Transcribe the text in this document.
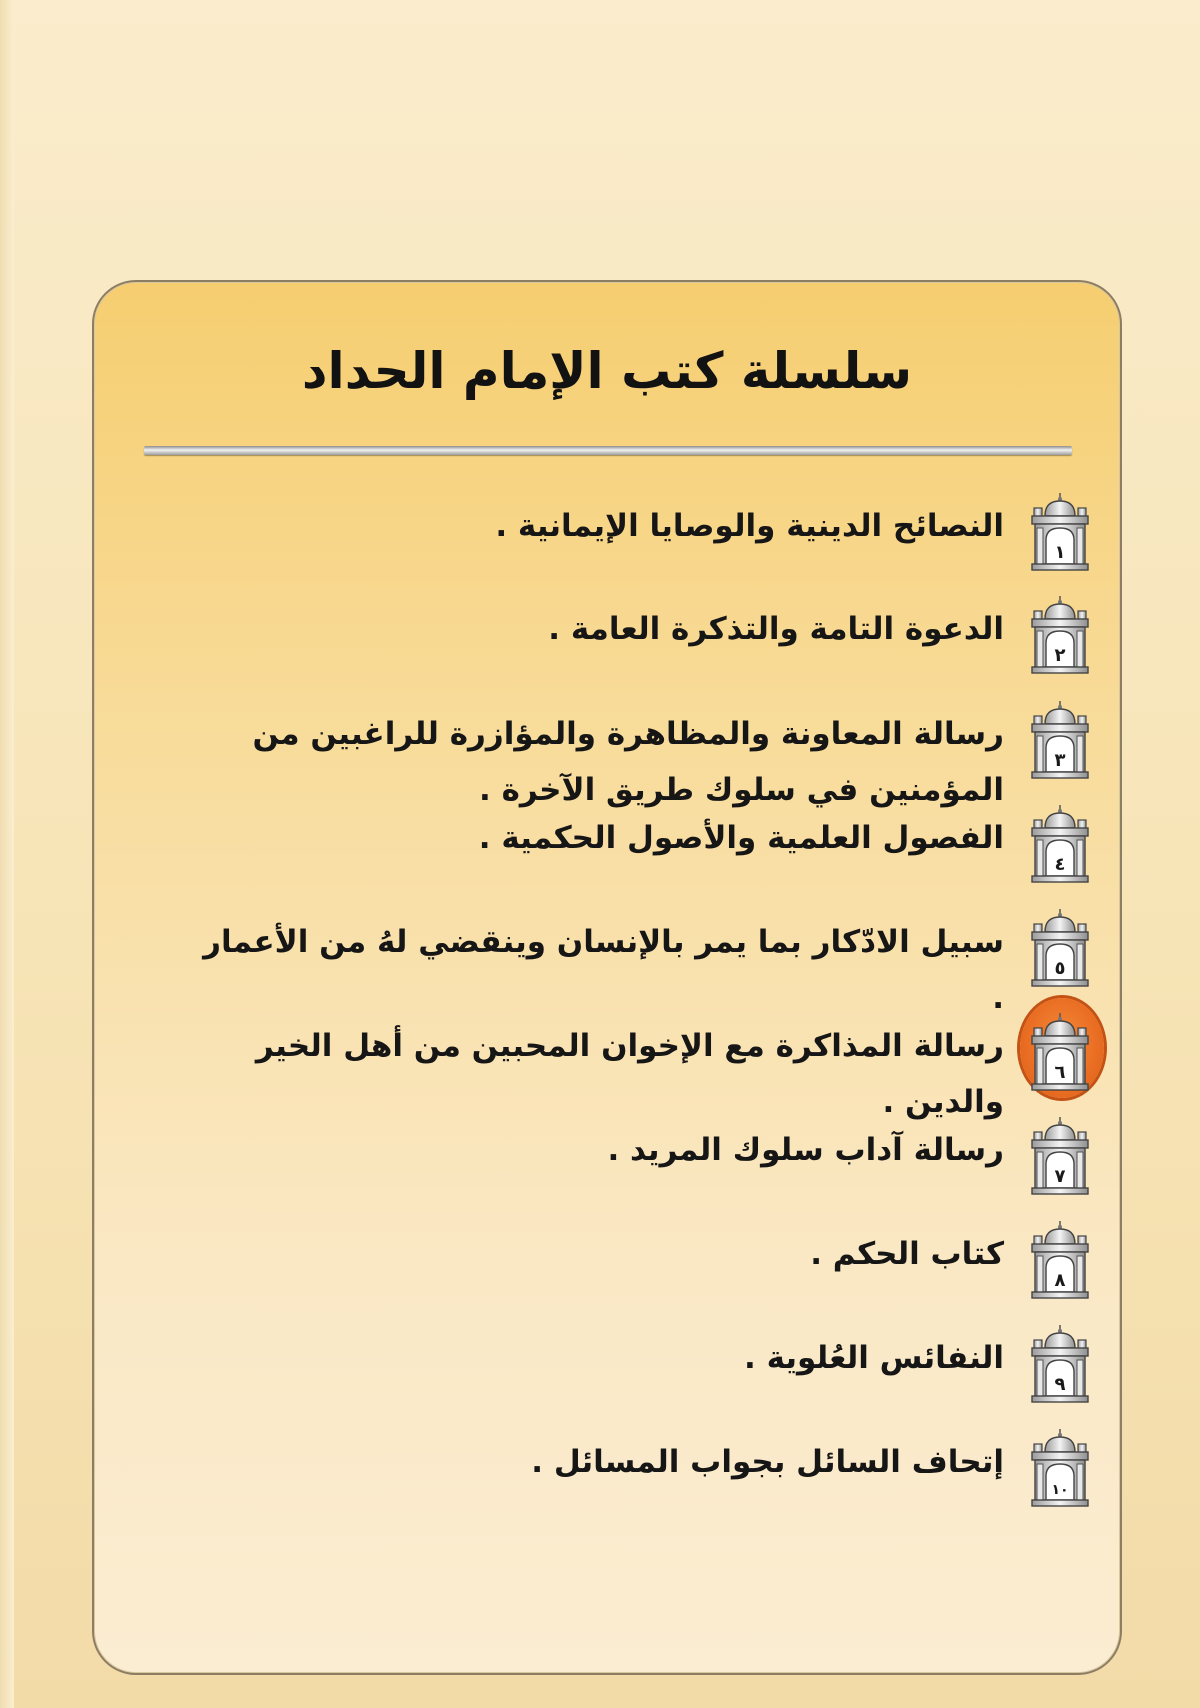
سلسلة كتب الإمام الحداد
١
النصائح الدينية والوصايا الإيمانية .
٢
الدعوة التامة والتذكرة العامة .
٣
رسالة المعاونة والمظاهرة والمؤازرة للراغبين من المؤمنين في سلوك طريق الآخرة .
٤
الفصول العلمية والأصول الحكمية .
٥
سبيل الادّكار بما يمر بالإنسان وينقضي لهُ من الأعمار .
٦
رسالة المذاكرة مع الإخوان المحبين من أهل الخير والدين .
٧
رسالة آداب سلوك المريد .
٨
كتاب الحكم .
٩
النفائس العُلوية .
١٠
إتحاف السائل بجواب المسائل .
